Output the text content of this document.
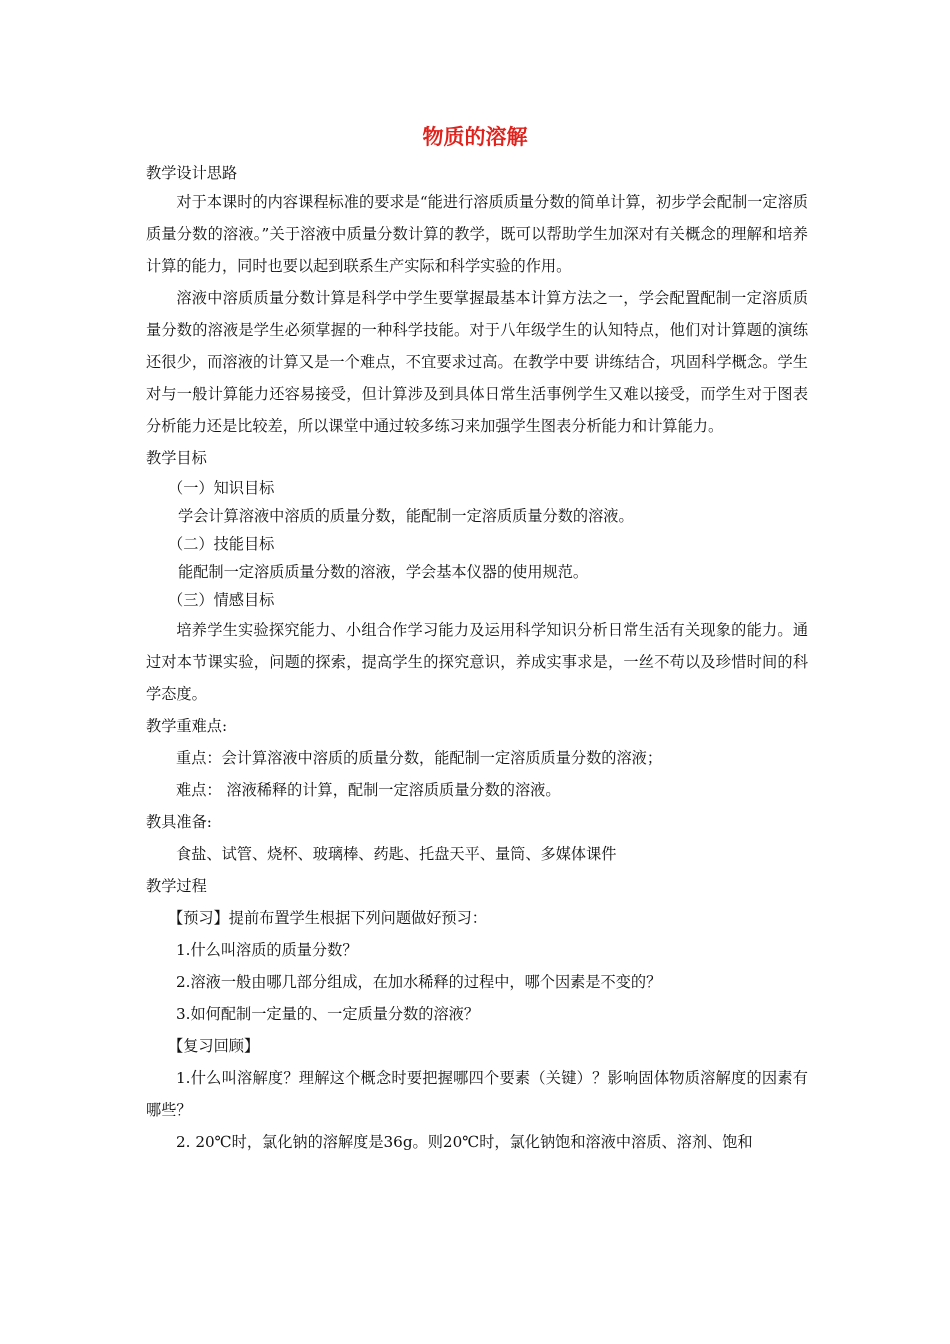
物质的溶解

教学设计思路

对于本课时的内容课程标准的要求是“能进行溶质质量分数的简单计算，初步学会配制一定溶质质量分数的溶液。”关于溶液中质量分数计算的教学，既可以帮助学生加深对有关概念的理解和培养计算的能力，同时也要以起到联系生产实际和科学实验的作用。

溶液中溶质质量分数计算是科学中学生要掌握最基本计算方法之一，学会配置配制一定溶质质量分数的溶液是学生必须掌握的一种科学技能。对于八年级学生的认知特点，他们对计算题的演练还很少，而溶液的计算又是一个难点，不宜要求过高。在教学中要 讲练结合，巩固科学概念。学生对与一般计算能力还容易接受，但计算涉及到具体日常生活事例学生又难以接受，而学生对于图表分析能力还是比较差，所以课堂中通过较多练习来加强学生图表分析能力和计算能力。

教学目标

（一）知识目标

学会计算溶液中溶质的质量分数，能配制一定溶质质量分数的溶液。

（二）技能目标

能配制一定溶质质量分数的溶液，学会基本仪器的使用规范。

（三）情感目标

培养学生实验探究能力、小组合作学习能力及运用科学知识分析日常生活有关现象的能力。通过对本节课实验，问题的探索，提高学生的探究意识，养成实事求是，一丝不苟以及珍惜时间的科学态度。

教学重难点:

重点：会计算溶液中溶质的质量分数，能配制一定溶质质量分数的溶液；

难点： 溶液稀释的计算，配制一定溶质质量分数的溶液。

教具准备:

食盐、试管、烧杯、玻璃棒、药匙、托盘天平、量筒、多媒体课件

教学过程

【预习】提前布置学生根据下列问题做好预习：

1.什么叫溶质的质量分数？

2.溶液一般由哪几部分组成，在加水稀释的过程中，哪个因素是不变的？

3.如何配制一定量的、一定质量分数的溶液？

【复习回顾】

1.什么叫溶解度？理解这个概念时要把握哪四个要素（关键）？影响固体物质溶解度的因素有哪些？

2. 20℃时，氯化钠的溶解度是36g。则20℃时，氯化钠饱和溶液中溶质、溶剂、饱和
